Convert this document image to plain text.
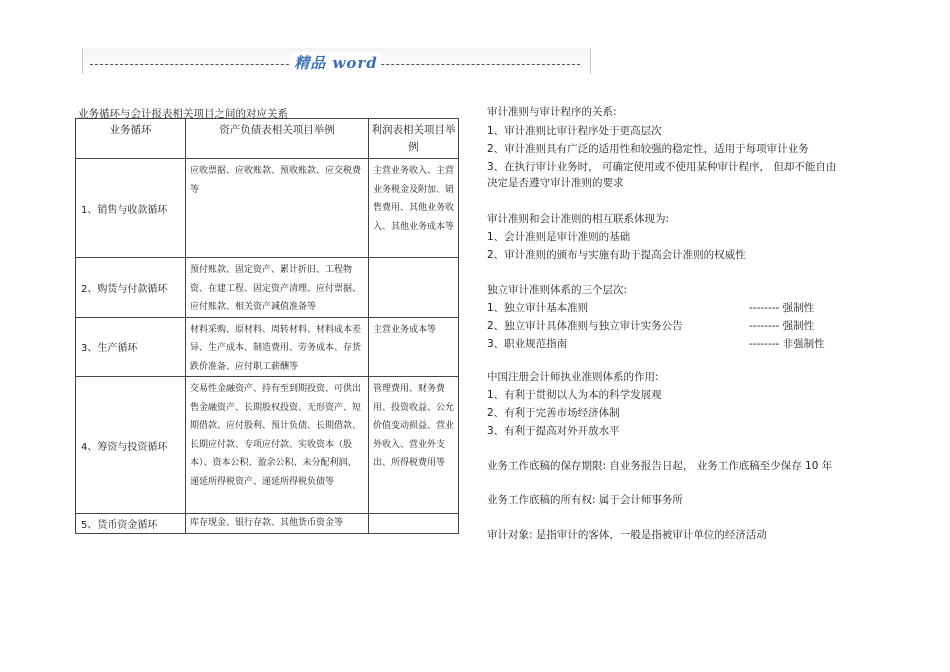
精品 word
业务循环与会计报表相关项目之间的对应关系
业务循环	资产负债表相关项目举例	利润表相关项目举例
1、销售与收款循环	应收票据、应收账款、预收账款、应交税费等	主营业务收入、主营业务税金及附加、销售费用、其他业务收入、其他业务成本等
2、购货与付款循环	预付账款、固定资产、累计折旧、工程物资、在建工程、固定资产清理、应付票据、应付账款、相关资产减值准备等	
3、生产循环	材料采购、原材料、周转材料、材料成本差异、生产成本、制造费用、劳务成本、存货跌价准备、应付职工薪酬等	主营业务成本等
4、筹资与投资循环	交易性金融资产、持有至到期投资、可供出售金融资产、长期股权投资、无形资产、短期借款、应付股利、预计负债、长期借款、长期应付款、专项应付款、实收资本（股本）、资本公积、盈余公积、未分配利润、递延所得税资产、递延所得税负债等	管理费用、财务费用、投资收益、公允价值变动损益、营业外收入、营业外支出、所得税费用等
5、货币资金循环	库存现金、银行存款、其他货币资金等	
审计准则与审计程序的关系:
1、审计准则比审计程序处于更高层次
2、审计准则具有广泛的适用性和较强的稳定性，适用于每项审计业务
3、在执行审计业务时， 可确定使用或不使用某种审计程序， 但却不能自由
决定是否遵守审计准则的要求
审计准则和会计准则的相互联系体现为:
1、会计准则是审计准则的基础
2、审计准则的颁布与实施有助于提高会计准则的权威性
独立审计准则体系的三个层次:
1、独立审计基本准则	-------- 强制性
2、独立审计具体准则与独立审计实务公告	-------- 强制性
3、职业规范指南	-------- 非强制性
中国注册会计师执业准则体系的作用:
1、有利于贯彻以人为本的科学发展观
2、有利于完善市场经济体制
3、有利于提高对外开放水平
业务工作底稿的保存期限: 自业务报告日起， 业务工作底稿至少保存 10 年
业务工作底稿的所有权: 属于会计师事务所
审计对象: 是指审计的客体，一般是指被审计单位的经济活动
